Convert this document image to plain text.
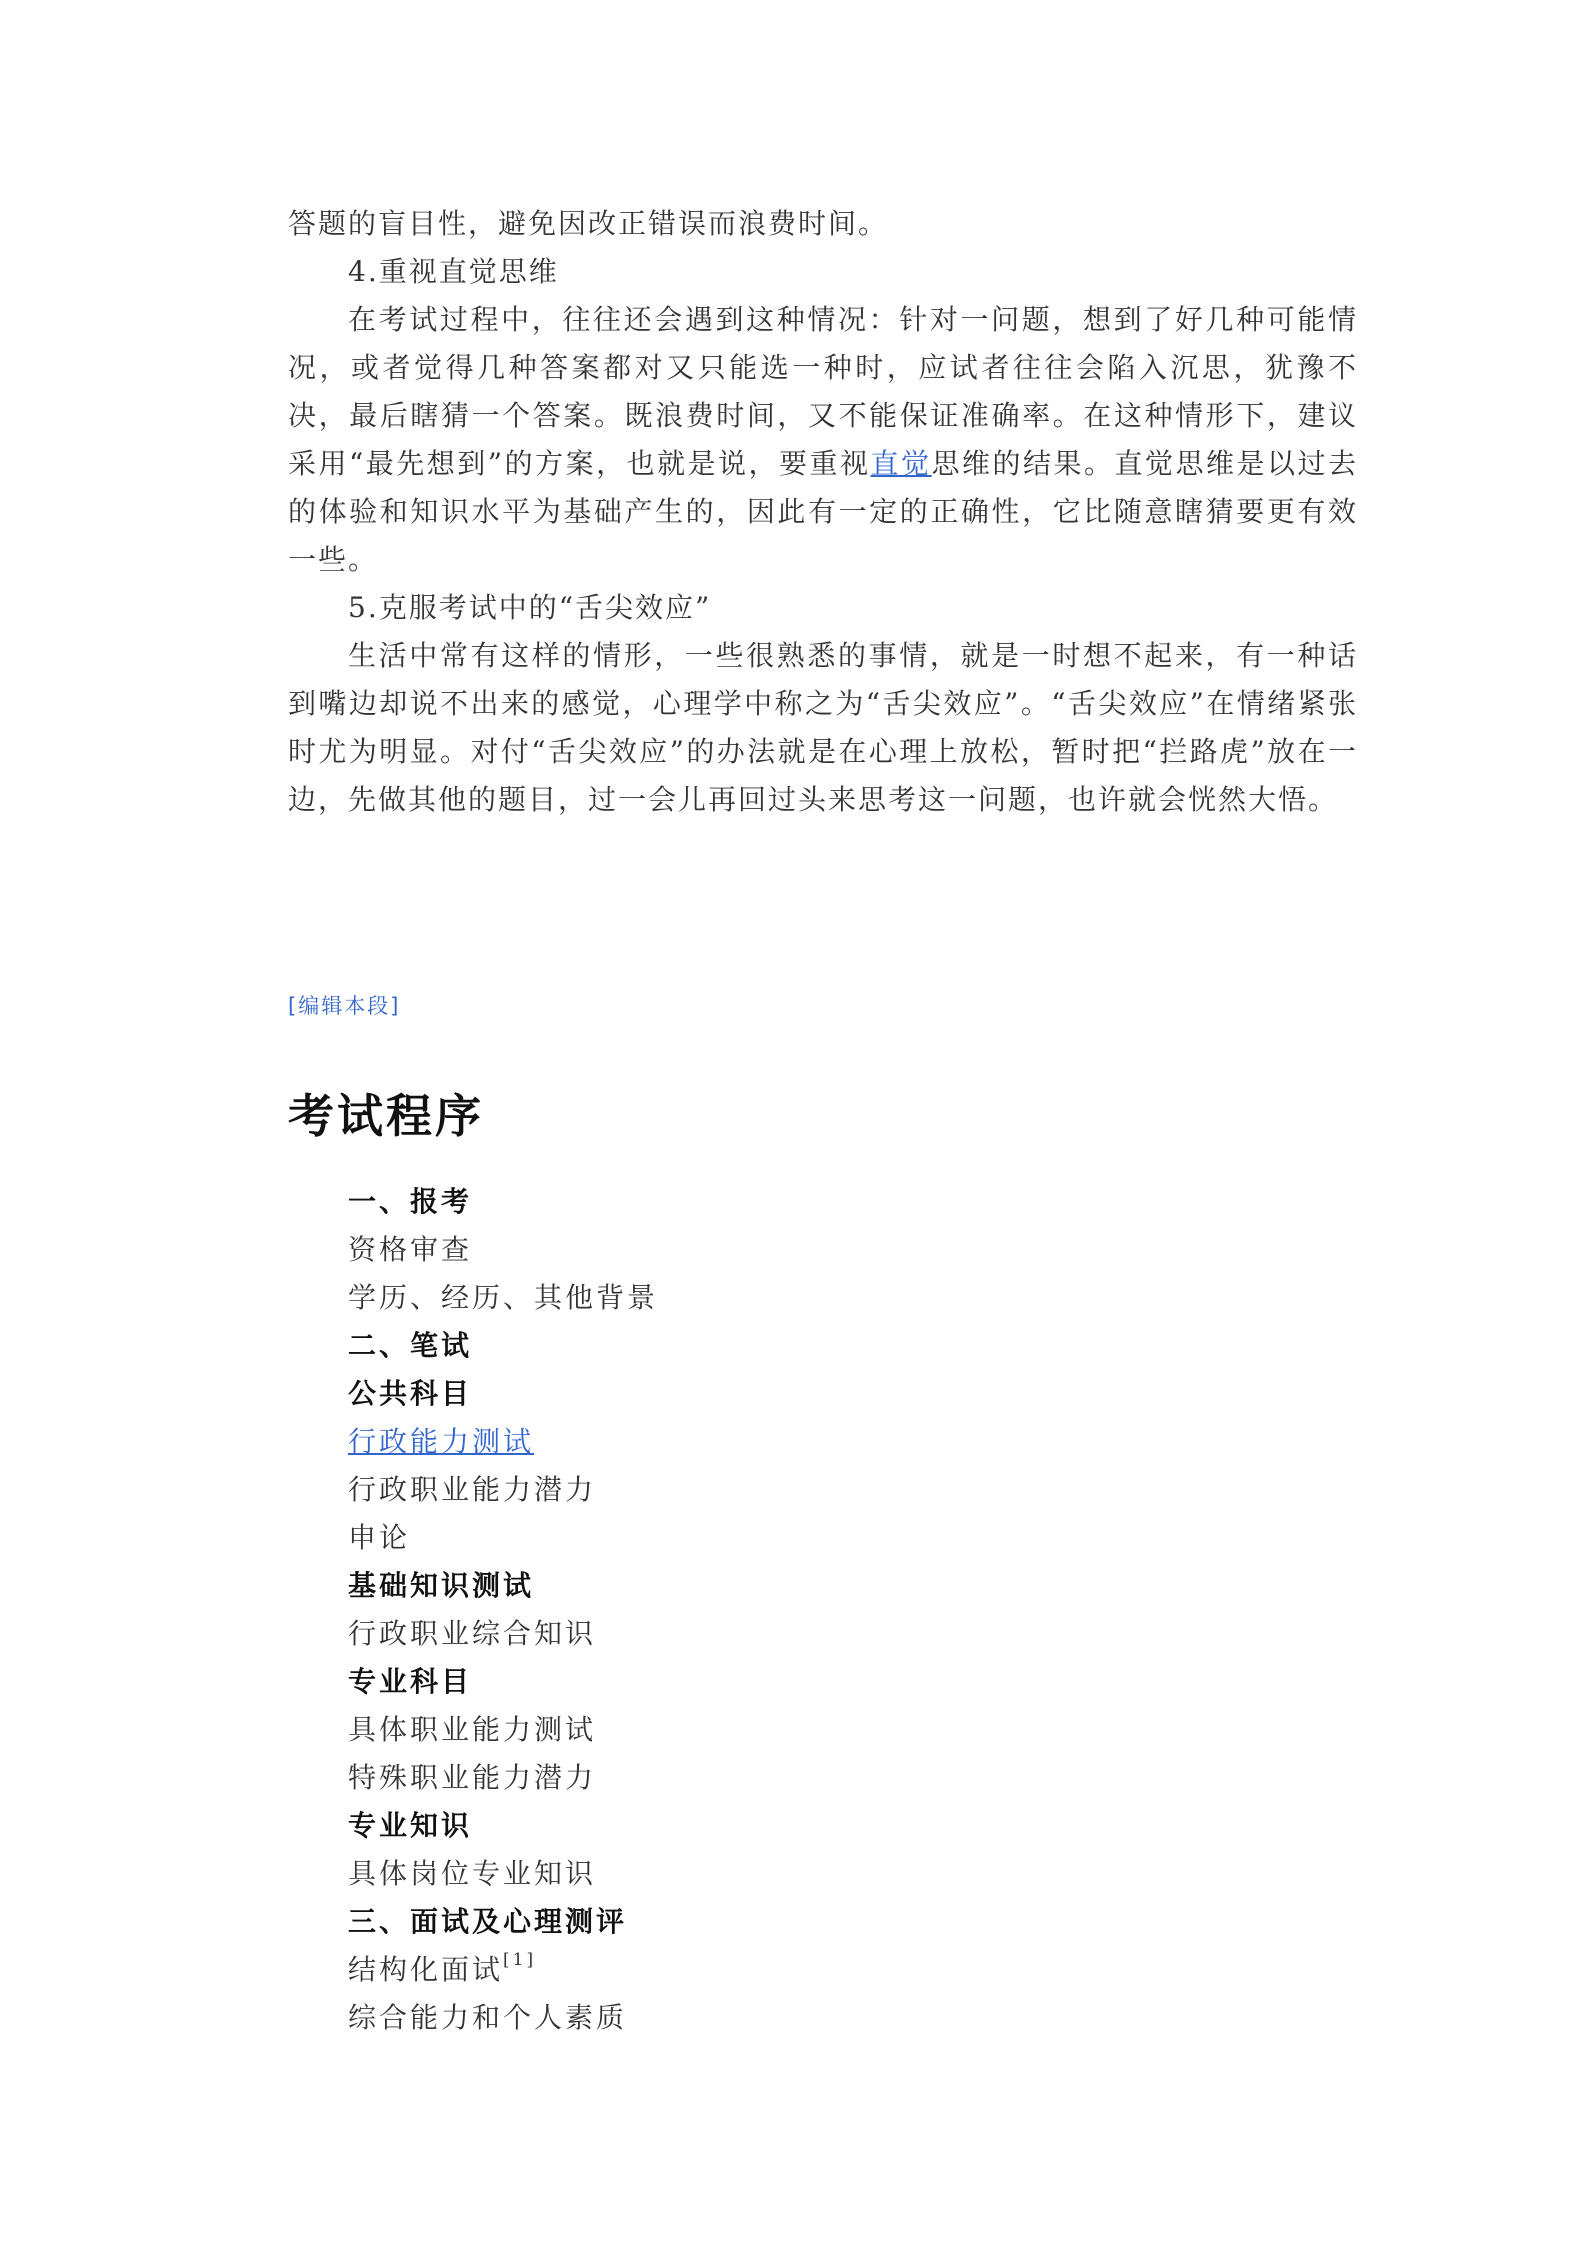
答题的盲目性，避免因改正错误而浪费时间。

4.重视直觉思维

在考试过程中，往往还会遇到这种情况：针对一问题，想到了好几种可能情况，或者觉得几种答案都对又只能选一种时，应试者往往会陷入沉思，犹豫不决，最后瞎猜一个答案。既浪费时间，又不能保证准确率。在这种情形下，建议采用“最先想到”的方案，也就是说，要重视直觉思维的结果。直觉思维是以过去的体验和知识水平为基础产生的，因此有一定的正确性，它比随意瞎猜要更有效一些。

5.克服考试中的“舌尖效应”

生活中常有这样的情形，一些很熟悉的事情，就是一时想不起来，有一种话到嘴边却说不出来的感觉，心理学中称之为“舌尖效应”。“舌尖效应”在情绪紧张时尤为明显。对付“舌尖效应”的办法就是在心理上放松，暂时把“拦路虎”放在一边，先做其他的题目，过一会儿再回过头来思考这一问题，也许就会恍然大悟。

[编辑本段]
考试程序
一、报考
资格审查
学历、经历、其他背景
二、笔试
公共科目
行政能力测试
行政职业能力潜力
申论
基础知识测试
行政职业综合知识
专业科目
具体职业能力测试
特殊职业能力潜力
专业知识
具体岗位专业知识
三、面试及心理测评
结构化面试[1]
综合能力和个人素质
